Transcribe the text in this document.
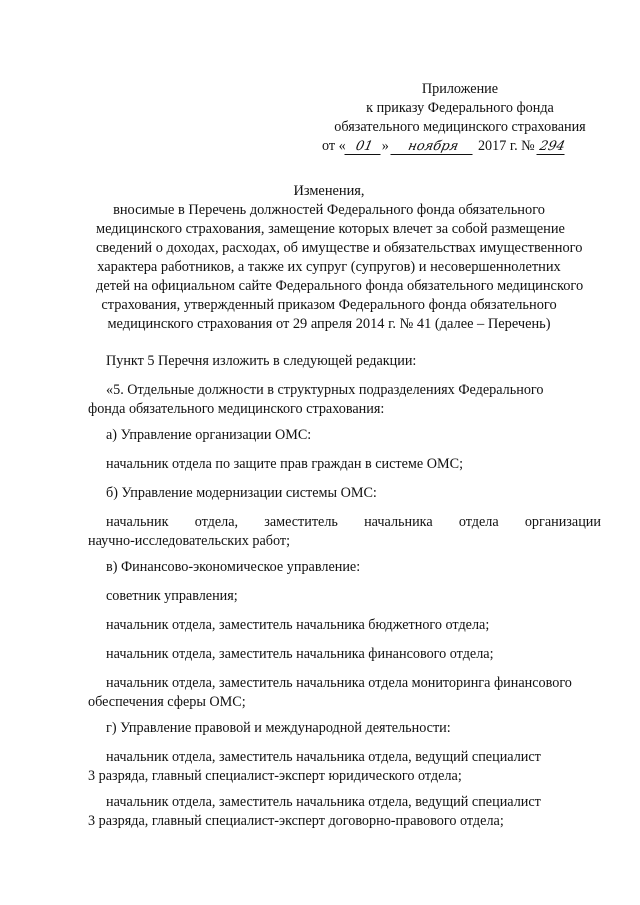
Приложение
к приказу Федерального фонда
обязательного медицинского страхования
от « 01 » ноября 2017 г. № 294
Изменения,
вносимые в Перечень должностей Федерального фонда обязательного
медицинского страхования, замещение которых влечет за собой размещение
сведений о доходах, расходах, об имуществе и обязательствах имущественного
характера работников, а также их супруг (супругов) и несовершеннолетних
детей на официальном сайте Федерального фонда обязательного медицинского
страхования, утвержденный приказом Федерального фонда обязательного
медицинского страхования от 29 апреля 2014 г. № 41 (далее – Перечень)
Пункт 5 Перечня изложить в следующей редакции:
«5. Отдельные должности в структурных подразделениях Федерального
фонда обязательного медицинского страхования:
а) Управление организации ОМС:
начальник отдела по защите прав граждан в системе ОМС;
б) Управление модернизации системы ОМС:
начальник отдела, заместитель начальника отдела организации
научно-исследовательских работ;
в) Финансово-экономическое управление:
советник управления;
начальник отдела, заместитель начальника бюджетного отдела;
начальник отдела, заместитель начальника финансового отдела;
начальник отдела, заместитель начальника отдела мониторинга финансового
обеспечения сферы ОМС;
г) Управление правовой и международной деятельности:
начальник отдела, заместитель начальника отдела, ведущий специалист
3 разряда, главный специалист-эксперт юридического отдела;
начальник отдела, заместитель начальника отдела, ведущий специалист
3 разряда, главный специалист-эксперт договорно-правового отдела;
